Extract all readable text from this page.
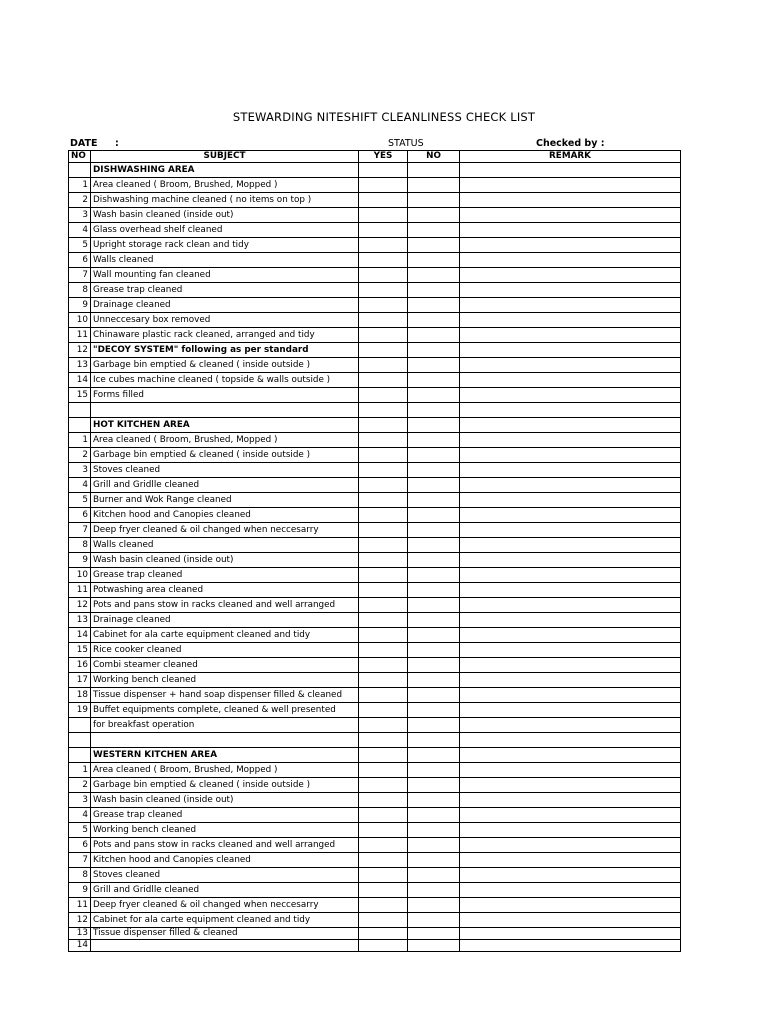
STEWARDING NITESHIFT CLEANLINESS CHECK LIST
DATE :	STATUS	Checked by :
NO	SUBJECT	YES	NO	REMARK
	DISHWASHING AREA			
1	Area cleaned ( Broom, Brushed, Mopped )			
2	Dishwashing machine cleaned ( no items on top )			
3	Wash basin cleaned (inside out)			
4	Glass overhead shelf cleaned			
5	Upright storage rack clean and tidy			
6	Walls cleaned			
7	Wall mounting fan cleaned			
8	Grease trap cleaned			
9	Drainage cleaned			
10	Unneccesary box removed			
11	Chinaware plastic rack cleaned, arranged and tidy			
12	"DECOY SYSTEM" following as per standard			
13	Garbage bin emptied & cleaned ( inside outside )			
14	Ice cubes machine cleaned ( topside & walls outside )			
15	Forms filled			

	HOT KITCHEN AREA			
1	Area cleaned ( Broom, Brushed, Mopped )			
2	Garbage bin emptied & cleaned ( inside outside )			
3	Stoves cleaned			
4	Grill and Gridlle cleaned			
5	Burner and Wok Range cleaned			
6	Kitchen hood and Canopies cleaned			
7	Deep fryer cleaned & oil changed when neccesarry			
8	Walls cleaned			
9	Wash basin cleaned (inside out)			
10	Grease trap cleaned			
11	Potwashing area cleaned			
12	Pots and pans stow in racks cleaned and well arranged			
13	Drainage cleaned			
14	Cabinet for ala carte equipment cleaned and tidy			
15	Rice cooker cleaned			
16	Combi steamer cleaned			
17	Working bench cleaned			
18	Tissue dispenser + hand soap dispenser filled & cleaned			
19	Buffet equipments complete, cleaned & well presented			
	for breakfast operation			

	WESTERN KITCHEN AREA			
1	Area cleaned ( Broom, Brushed, Mopped )			
2	Garbage bin emptied & cleaned ( inside outside )			
3	Wash basin cleaned (inside out)			
4	Grease trap cleaned			
5	Working bench cleaned			
6	Pots and pans stow in racks cleaned and well arranged			
7	Kitchen hood and Canopies cleaned			
8	Stoves cleaned			
9	Grill and Gridlle cleaned			
11	Deep fryer cleaned & oil changed when neccesarry			
12	Cabinet for ala carte equipment cleaned and tidy			
13	Tissue dispenser filled & cleaned			
14				
